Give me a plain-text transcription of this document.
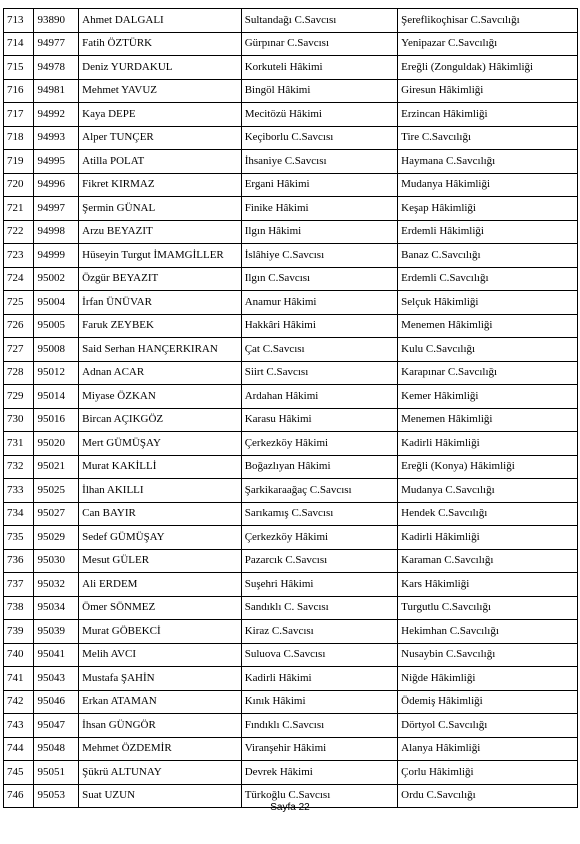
713	93890	Ahmet DALGALI	Sultandağı C.Savcısı	Şereflikoçhisar C.Savcılığı
714	94977	Fatih ÖZTÜRK	Gürpınar C.Savcısı	Yenipazar C.Savcılığı
715	94978	Deniz YURDAKUL	Korkuteli Hâkimi	Ereğli (Zonguldak) Hâkimliği
716	94981	Mehmet YAVUZ	Bingöl Hâkimi	Giresun Hâkimliği
717	94992	Kaya DEPE	Mecitözü Hâkimi	Erzincan Hâkimliği
718	94993	Alper TUNÇER	Keçiborlu C.Savcısı	Tire C.Savcılığı
719	94995	Atilla POLAT	İhsaniye C.Savcısı	Haymana C.Savcılığı
720	94996	Fikret KIRMAZ	Ergani Hâkimi	Mudanya Hâkimliği
721	94997	Şermin GÜNAL	Finike Hâkimi	Keşap Hâkimliği
722	94998	Arzu BEYAZIT	Ilgın Hâkimi	Erdemli Hâkimliği
723	94999	Hüseyin Turgut İMAMGİLLER	İslâhiye C.Savcısı	Banaz C.Savcılığı
724	95002	Özgür BEYAZIT	Ilgın C.Savcısı	Erdemli C.Savcılığı
725	95004	İrfan ÜNÜVAR	Anamur Hâkimi	Selçuk Hâkimliği
726	95005	Faruk ZEYBEK	Hakkâri Hâkimi	Menemen Hâkimliği
727	95008	Said Serhan HANÇERKIRAN	Çat C.Savcısı	Kulu C.Savcılığı
728	95012	Adnan ACAR	Siirt C.Savcısı	Karapınar C.Savcılığı
729	95014	Miyase ÖZKAN	Ardahan Hâkimi	Kemer Hâkimliği
730	95016	Bircan AÇIKGÖZ	Karasu Hâkimi	Menemen Hâkimliği
731	95020	Mert GÜMÜŞAY	Çerkezköy Hâkimi	Kadirli Hâkimliği
732	95021	Murat KAKİLLİ	Boğazlıyan Hâkimi	Ereğli (Konya) Hâkimliği
733	95025	İlhan AKILLI	Şarkikaraağaç C.Savcısı	Mudanya C.Savcılığı
734	95027	Can BAYIR	Sarıkamış C.Savcısı	Hendek C.Savcılığı
735	95029	Sedef GÜMÜŞAY	Çerkezköy Hâkimi	Kadirli Hâkimliği
736	95030	Mesut GÜLER	Pazarcık C.Savcısı	Karaman C.Savcılığı
737	95032	Ali ERDEM	Suşehri Hâkimi	Kars Hâkimliği
738	95034	Ömer SÖNMEZ	Sandıklı C. Savcısı	Turgutlu C.Savcılığı
739	95039	Murat GÖBEKCİ	Kiraz C.Savcısı	Hekimhan C.Savcılığı
740	95041	Melih AVCI	Suluova C.Savcısı	Nusaybin C.Savcılığı
741	95043	Mustafa ŞAHİN	Kadirli Hâkimi	Niğde Hâkimliği
742	95046	Erkan ATAMAN	Kınık Hâkimi	Ödemiş Hâkimliği
743	95047	İhsan GÜNGÖR	Fındıklı C.Savcısı	Dörtyol C.Savcılığı
744	95048	Mehmet ÖZDEMİR	Viranşehir Hâkimi	Alanya Hâkimliği
745	95051	Şükrü ALTUNAY	Devrek Hâkimi	Çorlu Hâkimliği
746	95053	Suat UZUN	Türkoğlu C.Savcısı	Ordu C.Savcılığı
Sayfa 22
